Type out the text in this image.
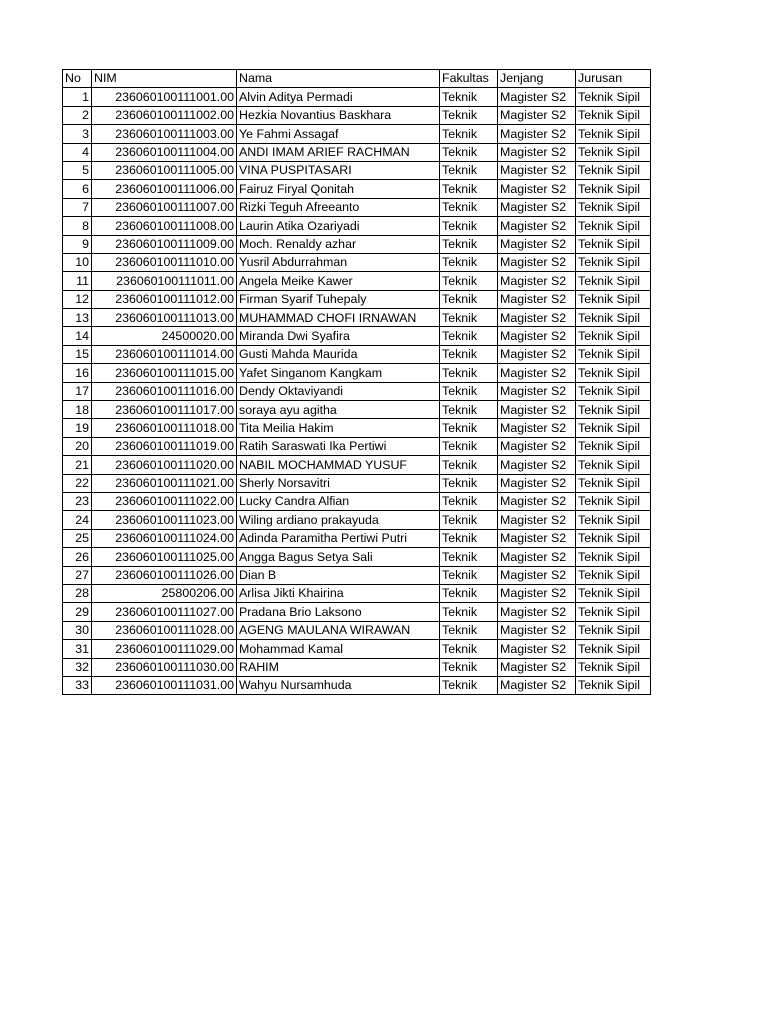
No	NIM	Nama	Fakultas	Jenjang	Jurusan
1	236060100111001.00	Alvin Aditya Permadi	Teknik	Magister S2	Teknik Sipil
2	236060100111002.00	Hezkia Novantius Baskhara	Teknik	Magister S2	Teknik Sipil
3	236060100111003.00	Ye Fahmi Assagaf	Teknik	Magister S2	Teknik Sipil
4	236060100111004.00	ANDI IMAM ARIEF RACHMAN	Teknik	Magister S2	Teknik Sipil
5	236060100111005.00	VINA PUSPITASARI	Teknik	Magister S2	Teknik Sipil
6	236060100111006.00	Fairuz Firyal Qonitah	Teknik	Magister S2	Teknik Sipil
7	236060100111007.00	Rizki Teguh Afreeanto	Teknik	Magister S2	Teknik Sipil
8	236060100111008.00	Laurin Atika Ozariyadi	Teknik	Magister S2	Teknik Sipil
9	236060100111009.00	Moch. Renaldy azhar	Teknik	Magister S2	Teknik Sipil
10	236060100111010.00	Yusril Abdurrahman	Teknik	Magister S2	Teknik Sipil
11	236060100111011.00	Angela Meike Kawer	Teknik	Magister S2	Teknik Sipil
12	236060100111012.00	Firman Syarif Tuhepaly	Teknik	Magister S2	Teknik Sipil
13	236060100111013.00	MUHAMMAD CHOFI IRNAWAN	Teknik	Magister S2	Teknik Sipil
14	24500020.00	Miranda Dwi Syafira	Teknik	Magister S2	Teknik Sipil
15	236060100111014.00	Gusti Mahda Maurida	Teknik	Magister S2	Teknik Sipil
16	236060100111015.00	Yafet Singanom Kangkam	Teknik	Magister S2	Teknik Sipil
17	236060100111016.00	Dendy Oktaviyandi	Teknik	Magister S2	Teknik Sipil
18	236060100111017.00	soraya ayu agitha	Teknik	Magister S2	Teknik Sipil
19	236060100111018.00	Tita Meilia Hakim	Teknik	Magister S2	Teknik Sipil
20	236060100111019.00	Ratih Saraswati Ika Pertiwi	Teknik	Magister S2	Teknik Sipil
21	236060100111020.00	NABIL MOCHAMMAD YUSUF	Teknik	Magister S2	Teknik Sipil
22	236060100111021.00	Sherly Norsavitri	Teknik	Magister S2	Teknik Sipil
23	236060100111022.00	Lucky Candra Alfian	Teknik	Magister S2	Teknik Sipil
24	236060100111023.00	Wiling ardiano prakayuda	Teknik	Magister S2	Teknik Sipil
25	236060100111024.00	Adinda Paramitha Pertiwi Putri	Teknik	Magister S2	Teknik Sipil
26	236060100111025.00	Angga Bagus Setya Sali	Teknik	Magister S2	Teknik Sipil
27	236060100111026.00	Dian B	Teknik	Magister S2	Teknik Sipil
28	25800206.00	Arlisa Jikti Khairina	Teknik	Magister S2	Teknik Sipil
29	236060100111027.00	Pradana Brio Laksono	Teknik	Magister S2	Teknik Sipil
30	236060100111028.00	AGENG MAULANA WIRAWAN	Teknik	Magister S2	Teknik Sipil
31	236060100111029.00	Mohammad Kamal	Teknik	Magister S2	Teknik Sipil
32	236060100111030.00	RAHIM	Teknik	Magister S2	Teknik Sipil
33	236060100111031.00	Wahyu Nursamhuda	Teknik	Magister S2	Teknik Sipil
